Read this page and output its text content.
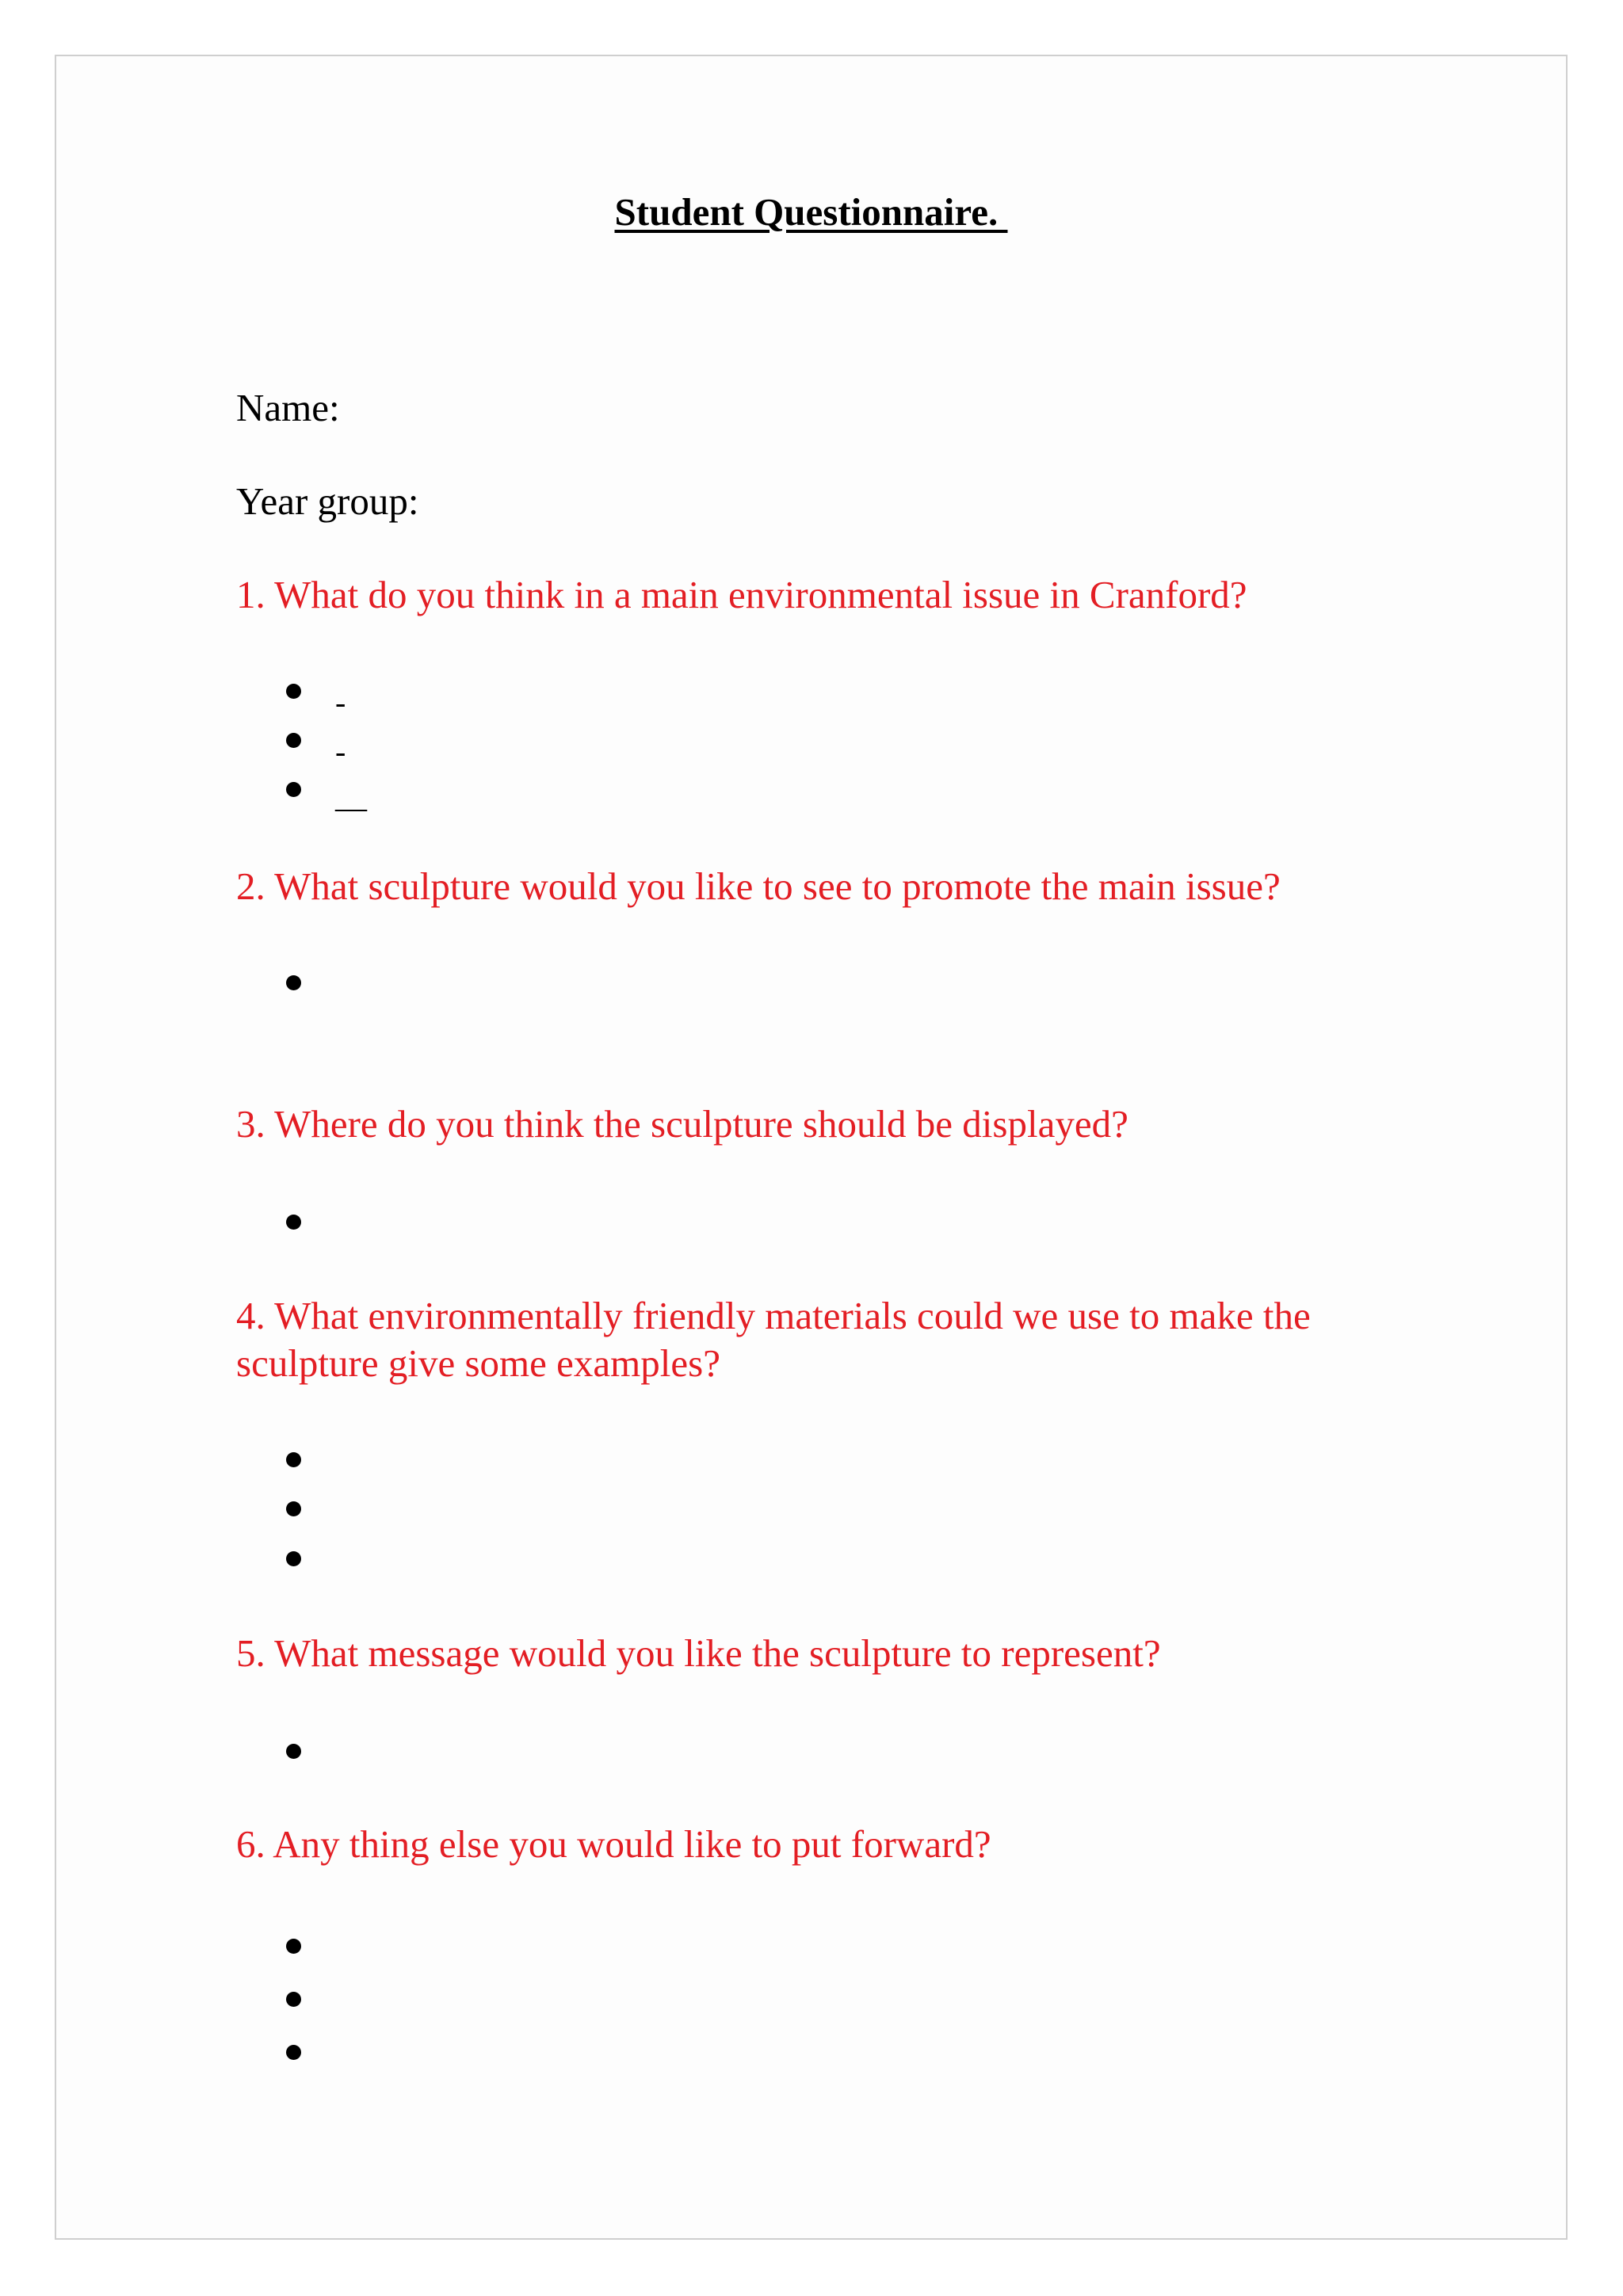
Student Questionnaire.
Name:
Year group:
1. What do you think in a main environmental issue in Cranford?
-
-
__
2. What sculpture would you like to see to promote the main issue?
3. Where do you think the sculpture should be displayed?
4. What environmentally friendly materials could we use to make the sculpture give some examples?
5. What message would you like the sculpture to represent?
6. Any thing else you would like to put forward?
